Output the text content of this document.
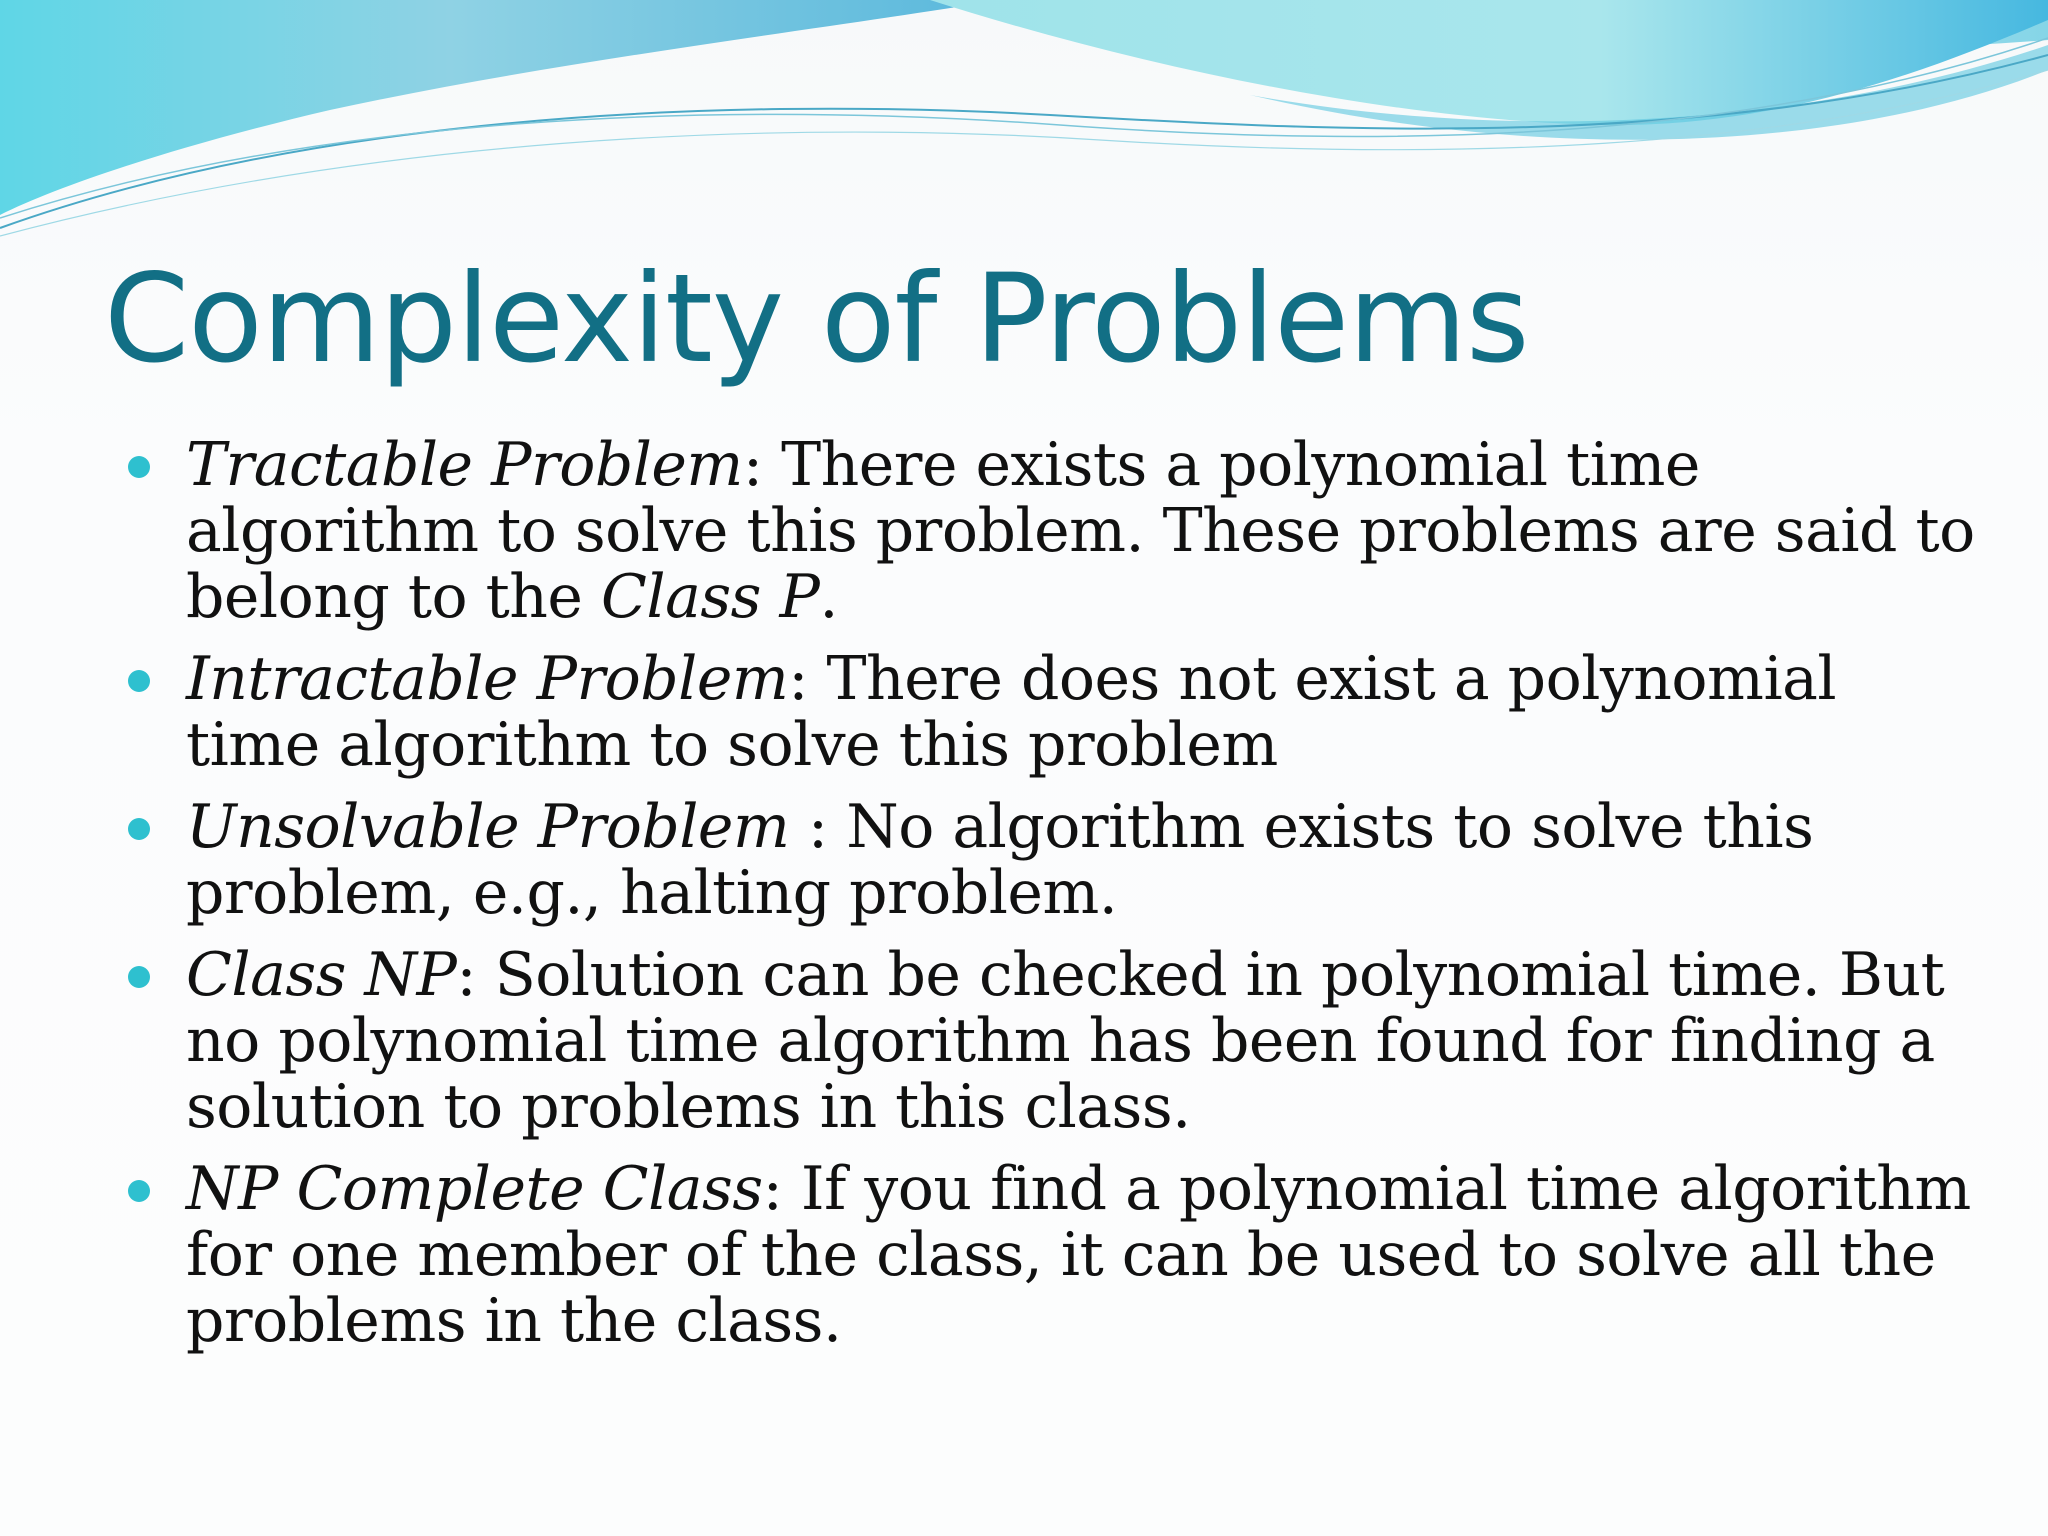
Complexity of Problems
Tractable Problem: There exists a polynomial time algorithm to solve this problem. These problems are said to belong to the Class P.
Intractable Problem: There does not exist a polynomial time algorithm to solve this problem
Unsolvable Problem : No algorithm exists to solve this problem, e.g., halting problem.
Class NP: Solution can be checked in polynomial time. But no polynomial time algorithm has been found for finding a solution to problems in this class.
NP Complete Class: If you find a polynomial time algorithm for one member of the class, it can be used to solve all the problems in the class.
